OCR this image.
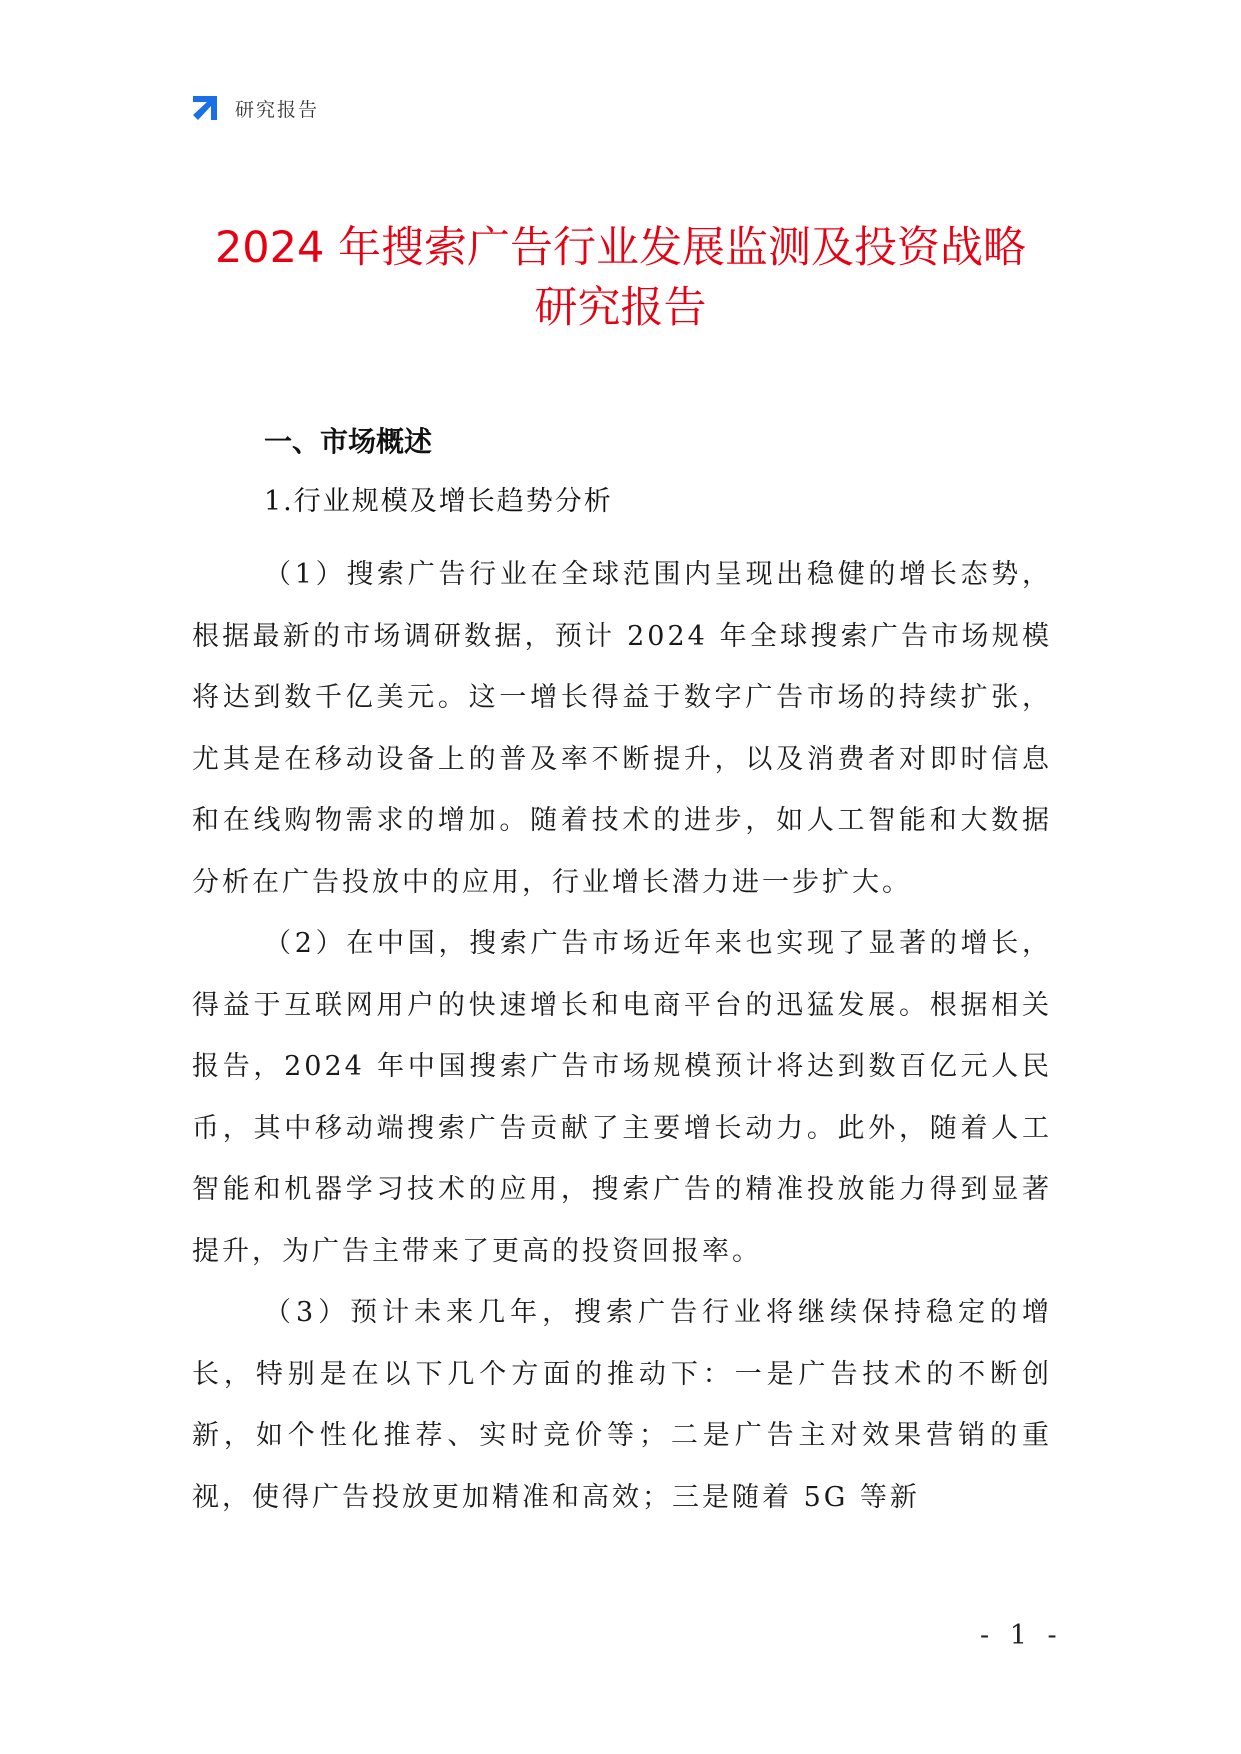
研究报告
2024 年搜索广告行业发展监测及投资战略
研究报告
一、市场概述
1.行业规模及增长趋势分析

（1）搜索广告行业在全球范围内呈现出稳健的增长态势，根据最新的市场调研数据，预计 2024 年全球搜索广告市场规模将达到数千亿美元。这一增长得益于数字广告市场的持续扩张，尤其是在移动设备上的普及率不断提升，以及消费者对即时信息和在线购物需求的增加。随着技术的进步，如人工智能和大数据分析在广告投放中的应用，行业增长潜力进一步扩大。

（2）在中国，搜索广告市场近年来也实现了显著的增长，得益于互联网用户的快速增长和电商平台的迅猛发展。根据相关报告，2024 年中国搜索广告市场规模预计将达到数百亿元人民币，其中移动端搜索广告贡献了主要增长动力。此外，随着人工智能和机器学习技术的应用，搜索广告的精准投放能力得到显著提升，为广告主带来了更高的投资回报率。

（3）预计未来几年，搜索广告行业将继续保持稳定的增长，特别是在以下几个方面的推动下：一是广告技术的不断创新，如个性化推荐、实时竞价等；二是广告主对效果营销的重视，使得广告投放更加精准和高效；三是随着 5G 等新

- 1 -
